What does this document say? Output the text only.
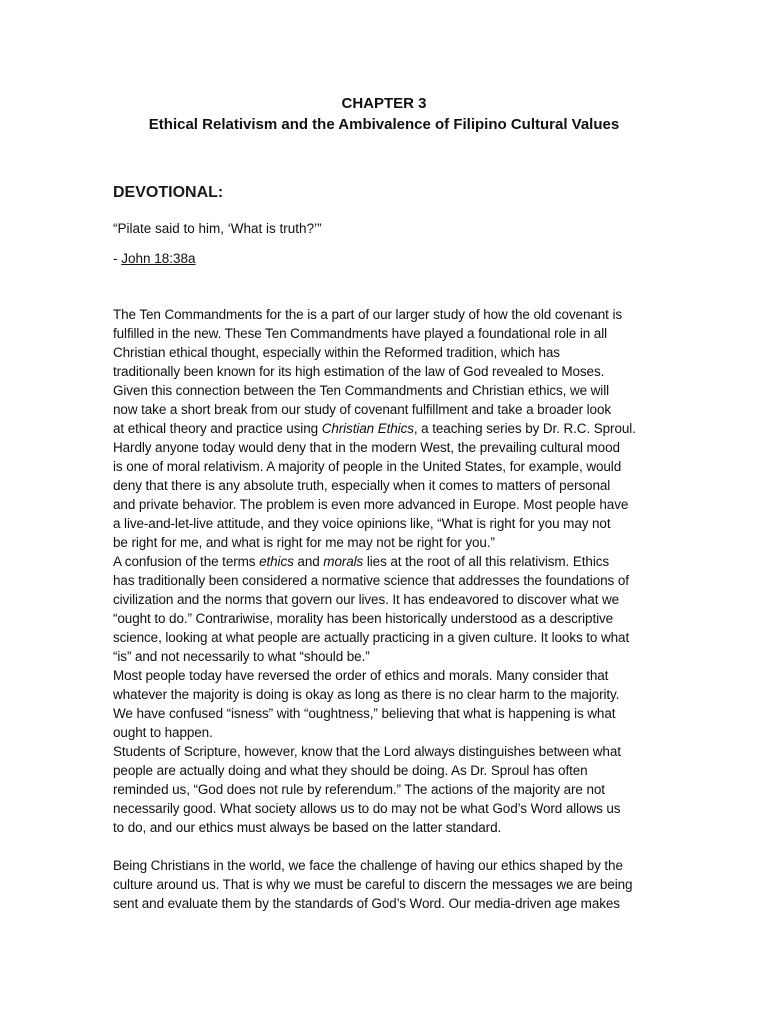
CHAPTER 3
Ethical Relativism and the Ambivalence of Filipino Cultural Values
DEVOTIONAL:
“Pilate said to him, ‘What is truth?’”
- John 18:38a
The Ten Commandments for the is a part of our larger study of how the old covenant is
fulfilled in the new. These Ten Commandments have played a foundational role in all
Christian ethical thought, especially within the Reformed tradition, which has
traditionally been known for its high estimation of the law of God revealed to Moses.
Given this connection between the Ten Commandments and Christian ethics, we will
now take a short break from our study of covenant fulfillment and take a broader look
at ethical theory and practice using Christian Ethics, a teaching series by Dr. R.C. Sproul.
Hardly anyone today would deny that in the modern West, the prevailing cultural mood
is one of moral relativism. A majority of people in the United States, for example, would
deny that there is any absolute truth, especially when it comes to matters of personal
and private behavior. The problem is even more advanced in Europe. Most people have
a live-and-let-live attitude, and they voice opinions like, “What is right for you may not
be right for me, and what is right for me may not be right for you.”
A confusion of the terms ethics and morals lies at the root of all this relativism. Ethics
has traditionally been considered a normative science that addresses the foundations of
civilization and the norms that govern our lives. It has endeavored to discover what we
“ought to do.” Contrariwise, morality has been historically understood as a descriptive
science, looking at what people are actually practicing in a given culture. It looks to what
“is” and not necessarily to what “should be.”
Most people today have reversed the order of ethics and morals. Many consider that
whatever the majority is doing is okay as long as there is no clear harm to the majority.
We have confused “isness” with “oughtness,” believing that what is happening is what
ought to happen.
Students of Scripture, however, know that the Lord always distinguishes between what
people are actually doing and what they should be doing. As Dr. Sproul has often
reminded us, “God does not rule by referendum.” The actions of the majority are not
necessarily good. What society allows us to do may not be what God’s Word allows us
to do, and our ethics must always be based on the latter standard.
Being Christians in the world, we face the challenge of having our ethics shaped by the
culture around us. That is why we must be careful to discern the messages we are being
sent and evaluate them by the standards of God’s Word. Our media-driven age makes
